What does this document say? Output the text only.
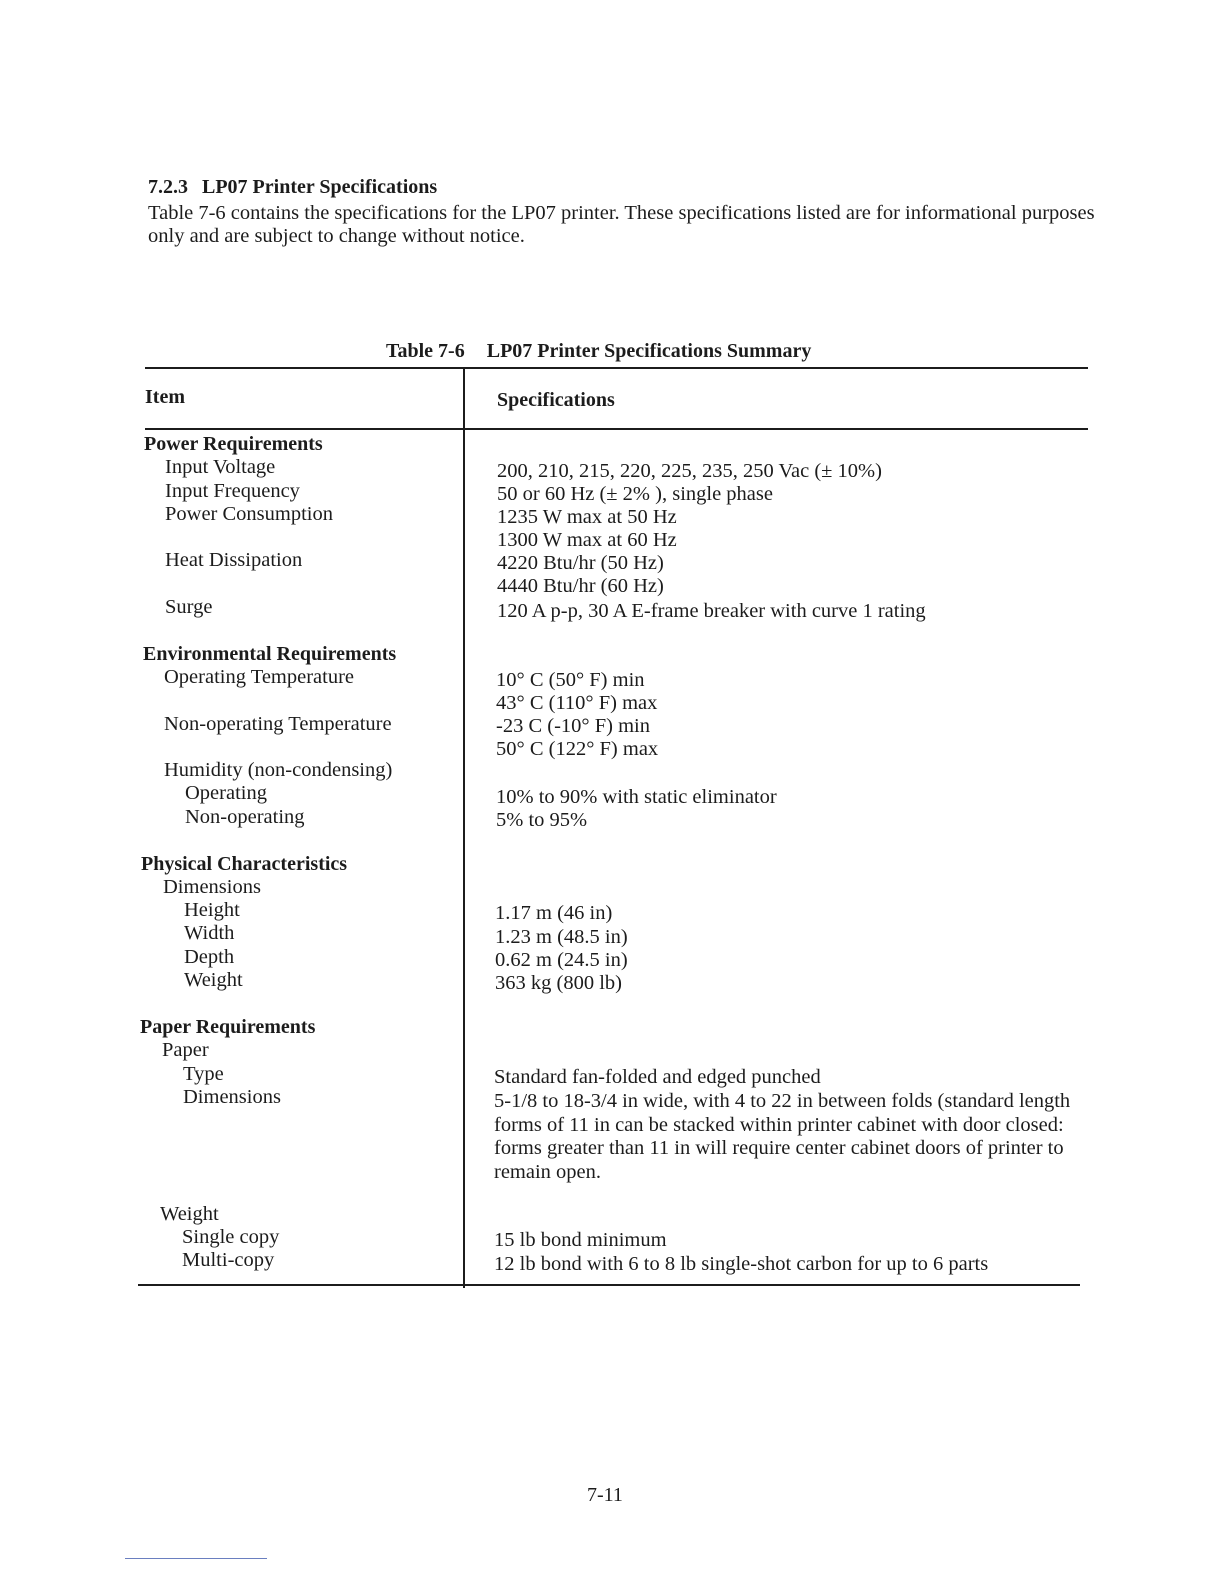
7.2.3 LP07 Printer Specifications
Table 7-6 contains the specifications for the LP07 printer. These specifications listed are for informational purposes only and are subject to change without notice.
Table 7-6 LP07 Printer Specifications Summary
Item	Specifications
Power Requirements
Input Voltage	200, 210, 215, 220, 225, 235, 250 Vac (± 10%)
Input Frequency	50 or 60 Hz (± 2% ), single phase
Power Consumption	1235 W max at 50 Hz
1300 W max at 60 Hz
Heat Dissipation	4220 Btu/hr (50 Hz)
4440 Btu/hr (60 Hz)
Surge	120 A p-p, 30 A E-frame breaker with curve 1 rating
Environmental Requirements
Operating Temperature	10° C (50° F) min
43° C (110° F) max
Non-operating Temperature	-23 C (-10° F) min
50° C (122° F) max
Humidity (non-condensing)
Operating	10% to 90% with static eliminator
Non-operating	5% to 95%
Physical Characteristics
Dimensions
Height	1.17 m (46 in)
Width	1.23 m (48.5 in)
Depth	0.62 m (24.5 in)
Weight	363 kg (800 lb)
Paper Requirements
Paper
Type	Standard fan-folded and edged punched
Dimensions	5-1/8 to 18-3/4 in wide, with 4 to 22 in between folds (standard length forms of 11 in can be stacked within printer cabinet with door closed: forms greater than 11 in will require center cabinet doors of printer to remain open.
Weight
Single copy	15 lb bond minimum
Multi-copy	12 lb bond with 6 to 8 lb single-shot carbon for up to 6 parts
7-11
